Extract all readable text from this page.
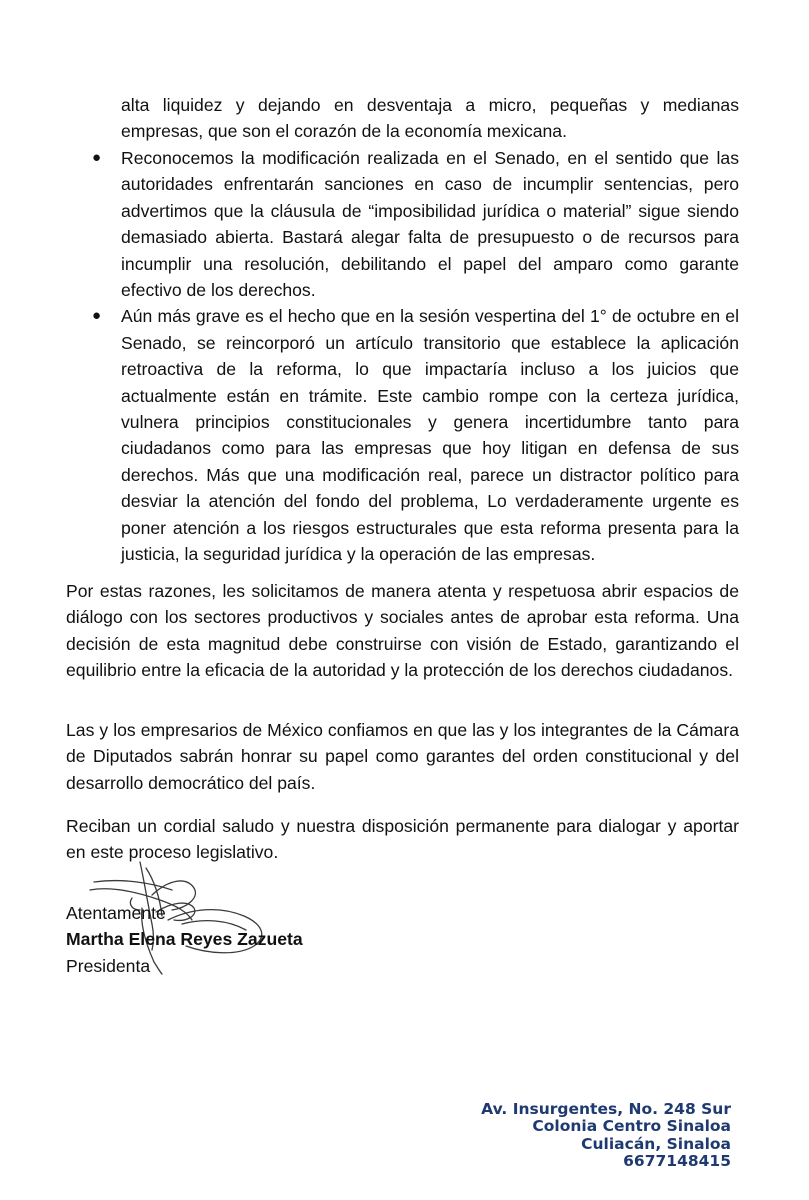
alta liquidez y dejando en desventaja a micro, pequeñas y medianas empresas, que son el corazón de la economía mexicana.

● Reconocemos la modificación realizada en el Senado, en el sentido que las autoridades enfrentarán sanciones en caso de incumplir sentencias, pero advertimos que la cláusula de “imposibilidad jurídica o material” sigue siendo demasiado abierta. Bastará alegar falta de presupuesto o de recursos para incumplir una resolución, debilitando el papel del amparo como garante efectivo de los derechos.

● Aún más grave es el hecho que en la sesión vespertina del 1° de octubre en el Senado, se reincorporó un artículo transitorio que establece la aplicación retroactiva de la reforma, lo que impactaría incluso a los juicios que actualmente están en trámite. Este cambio rompe con la certeza jurídica, vulnera principios constitucionales y genera incertidumbre tanto para ciudadanos como para las empresas que hoy litigan en defensa de sus derechos. Más que una modificación real, parece un distractor político para desviar la atención del fondo del problema, Lo verdaderamente urgente es poner atención a los riesgos estructurales que esta reforma presenta para la justicia, la seguridad jurídica y la operación de las empresas.

Por estas razones, les solicitamos de manera atenta y respetuosa abrir espacios de diálogo con los sectores productivos y sociales antes de aprobar esta reforma. Una decisión de esta magnitud debe construirse con visión de Estado, garantizando el equilibrio entre la eficacia de la autoridad y la protección de los derechos ciudadanos.

Las y los empresarios de México confiamos en que las y los integrantes de la Cámara de Diputados sabrán honrar su papel como garantes del orden constitucional y del desarrollo democrático del país.

Reciban un cordial saludo y nuestra disposición permanente para dialogar y aportar en este proceso legislativo.

Atentamente
Martha Elena Reyes Zazueta
Presidenta
Av. Insurgentes, No. 248 Sur
Colonia Centro Sinaloa
Culiacán, Sinaloa
6677148415
